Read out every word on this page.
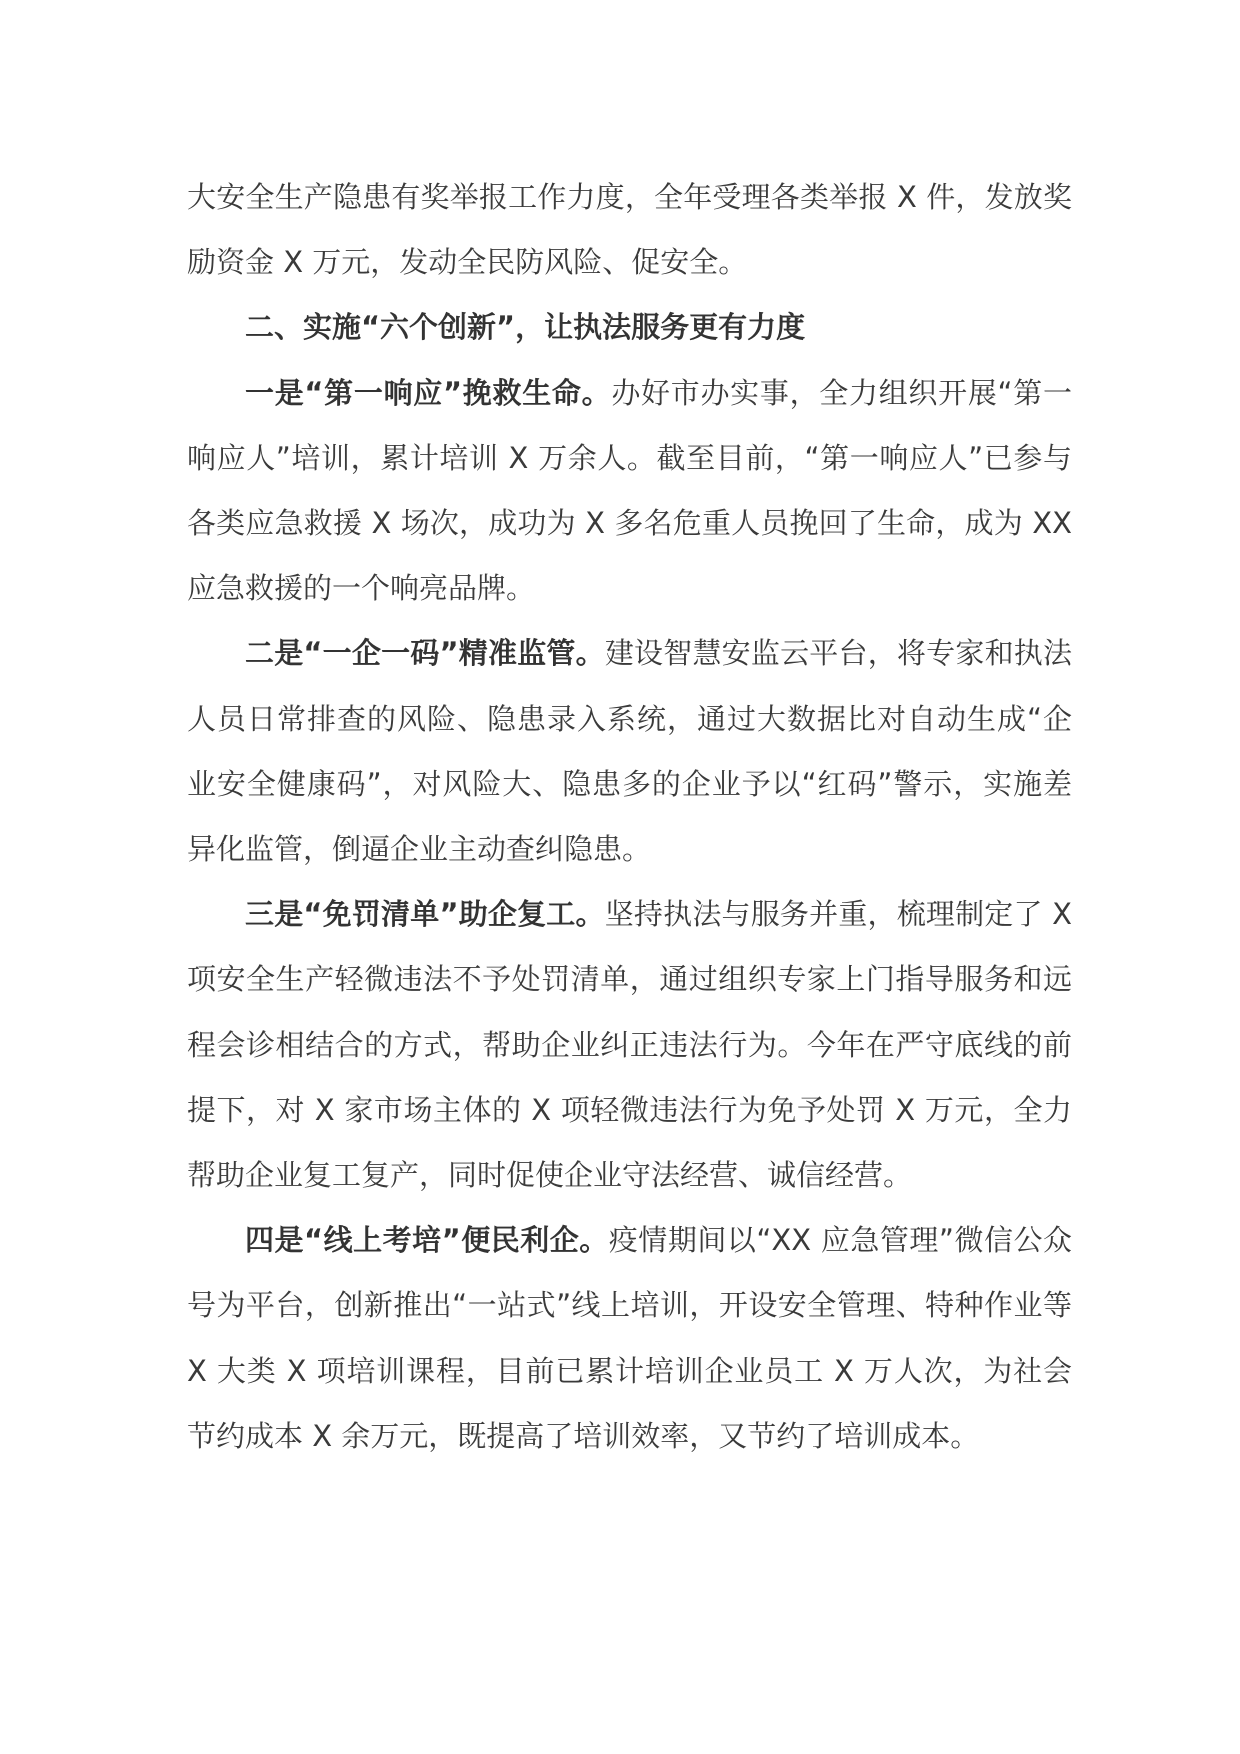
大安全生产隐患有奖举报工作力度，全年受理各类举报 X 件，发放奖励资金 X 万元，发动全民防风险、促安全。

二、实施“六个创新”，让执法服务更有力度

一是“第一响应”挽救生命。办好市办实事，全力组织开展“第一响应人”培训，累计培训 X 万余人。截至目前，“第一响应人”已参与各类应急救援 X 场次，成功为 X 多名危重人员挽回了生命，成为 XX 应急救援的一个响亮品牌。

二是“一企一码”精准监管。建设智慧安监云平台，将专家和执法人员日常排查的风险、隐患录入系统，通过大数据比对自动生成“企业安全健康码”，对风险大、隐患多的企业予以“红码”警示，实施差异化监管，倒逼企业主动查纠隐患。

三是“免罚清单”助企复工。坚持执法与服务并重，梳理制定了 X 项安全生产轻微违法不予处罚清单，通过组织专家上门指导服务和远程会诊相结合的方式，帮助企业纠正违法行为。今年在严守底线的前提下，对 X 家市场主体的 X 项轻微违法行为免予处罚 X 万元，全力帮助企业复工复产，同时促使企业守法经营、诚信经营。

四是“线上考培”便民利企。疫情期间以“XX 应急管理”微信公众号为平台，创新推出“一站式”线上培训，开设安全管理、特种作业等 X 大类 X 项培训课程，目前已累计培训企业员工 X 万人次，为社会节约成本 X 余万元，既提高了培训效率，又节约了培训成本。
